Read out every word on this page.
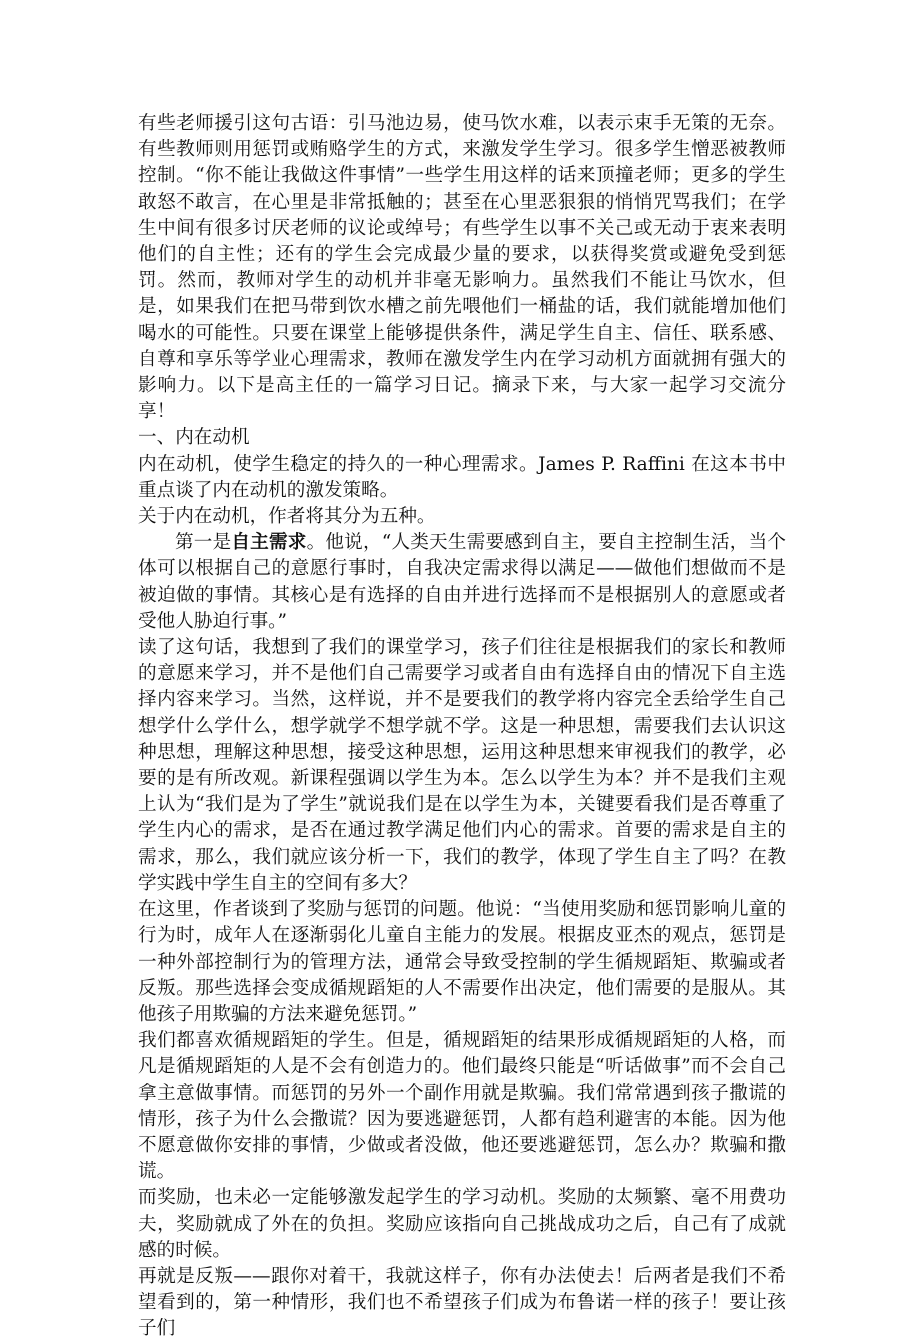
有些老师援引这句古语：引马池边易，使马饮水难，以表示束手无策的无奈。有些教师则用惩罚或贿赂学生的方式，来激发学生学习。很多学生憎恶被教师控制。“你不能让我做这件事情”一些学生用这样的话来顶撞老师；更多的学生敢怒不敢言，在心里是非常抵触的；甚至在心里恶狠狠的悄悄咒骂我们；在学生中间有很多讨厌老师的议论或绰号；有些学生以事不关己或无动于衷来表明他们的自主性；还有的学生会完成最少量的要求，以获得奖赏或避免受到惩罚。然而，教师对学生的动机并非毫无影响力。虽然我们不能让马饮水，但是，如果我们在把马带到饮水槽之前先喂他们一桶盐的话，我们就能增加他们喝水的可能性。只要在课堂上能够提供条件，满足学生自主、信任、联系感、自尊和享乐等学业心理需求，教师在激发学生内在学习动机方面就拥有强大的影响力。以下是高主任的一篇学习日记。摘录下来，与大家一起学习交流分享！

一、内在动机

内在动机，使学生稳定的持久的一种心理需求。James P. Raffini 在这本书中重点谈了内在动机的激发策略。

关于内在动机，作者将其分为五种。

第一是自主需求。他说，“人类天生需要感到自主，要自主控制生活，当个体可以根据自己的意愿行事时，自我决定需求得以满足——做他们想做而不是被迫做的事情。其核心是有选择的自由并进行选择而不是根据别人的意愿或者受他人胁迫行事。”

读了这句话，我想到了我们的课堂学习，孩子们往往是根据我们的家长和教师的意愿来学习，并不是他们自己需要学习或者自由有选择自由的情况下自主选择内容来学习。当然，这样说，并不是要我们的教学将内容完全丢给学生自己想学什么学什么，想学就学不想学就不学。这是一种思想，需要我们去认识这种思想，理解这种思想，接受这种思想，运用这种思想来审视我们的教学，必要的是有所改观。新课程强调以学生为本。怎么以学生为本？并不是我们主观上认为“我们是为了学生”就说我们是在以学生为本，关键要看我们是否尊重了学生内心的需求，是否在通过教学满足他们内心的需求。首要的需求是自主的需求，那么，我们就应该分析一下，我们的教学，体现了学生自主了吗？在教学实践中学生自主的空间有多大？

在这里，作者谈到了奖励与惩罚的问题。他说：“当使用奖励和惩罚影响儿童的行为时，成年人在逐渐弱化儿童自主能力的发展。根据皮亚杰的观点，惩罚是一种外部控制行为的管理方法，通常会导致受控制的学生循规蹈矩、欺骗或者反叛。那些选择会变成循规蹈矩的人不需要作出决定，他们需要的是服从。其他孩子用欺骗的方法来避免惩罚。”

我们都喜欢循规蹈矩的学生。但是，循规蹈矩的结果形成循规蹈矩的人格，而凡是循规蹈矩的人是不会有创造力的。他们最终只能是“听话做事”而不会自己拿主意做事情。而惩罚的另外一个副作用就是欺骗。我们常常遇到孩子撒谎的情形，孩子为什么会撒谎？因为要逃避惩罚，人都有趋利避害的本能。因为他不愿意做你安排的事情，少做或者没做，他还要逃避惩罚，怎么办？欺骗和撒谎。

而奖励，也未必一定能够激发起学生的学习动机。奖励的太频繁、毫不用费功夫，奖励就成了外在的负担。奖励应该指向自己挑战成功之后，自己有了成就感的时候。

再就是反叛——跟你对着干，我就这样子，你有办法使去！后两者是我们不希望看到的，第一种情形，我们也不希望孩子们成为布鲁诺一样的孩子！要让孩子们
